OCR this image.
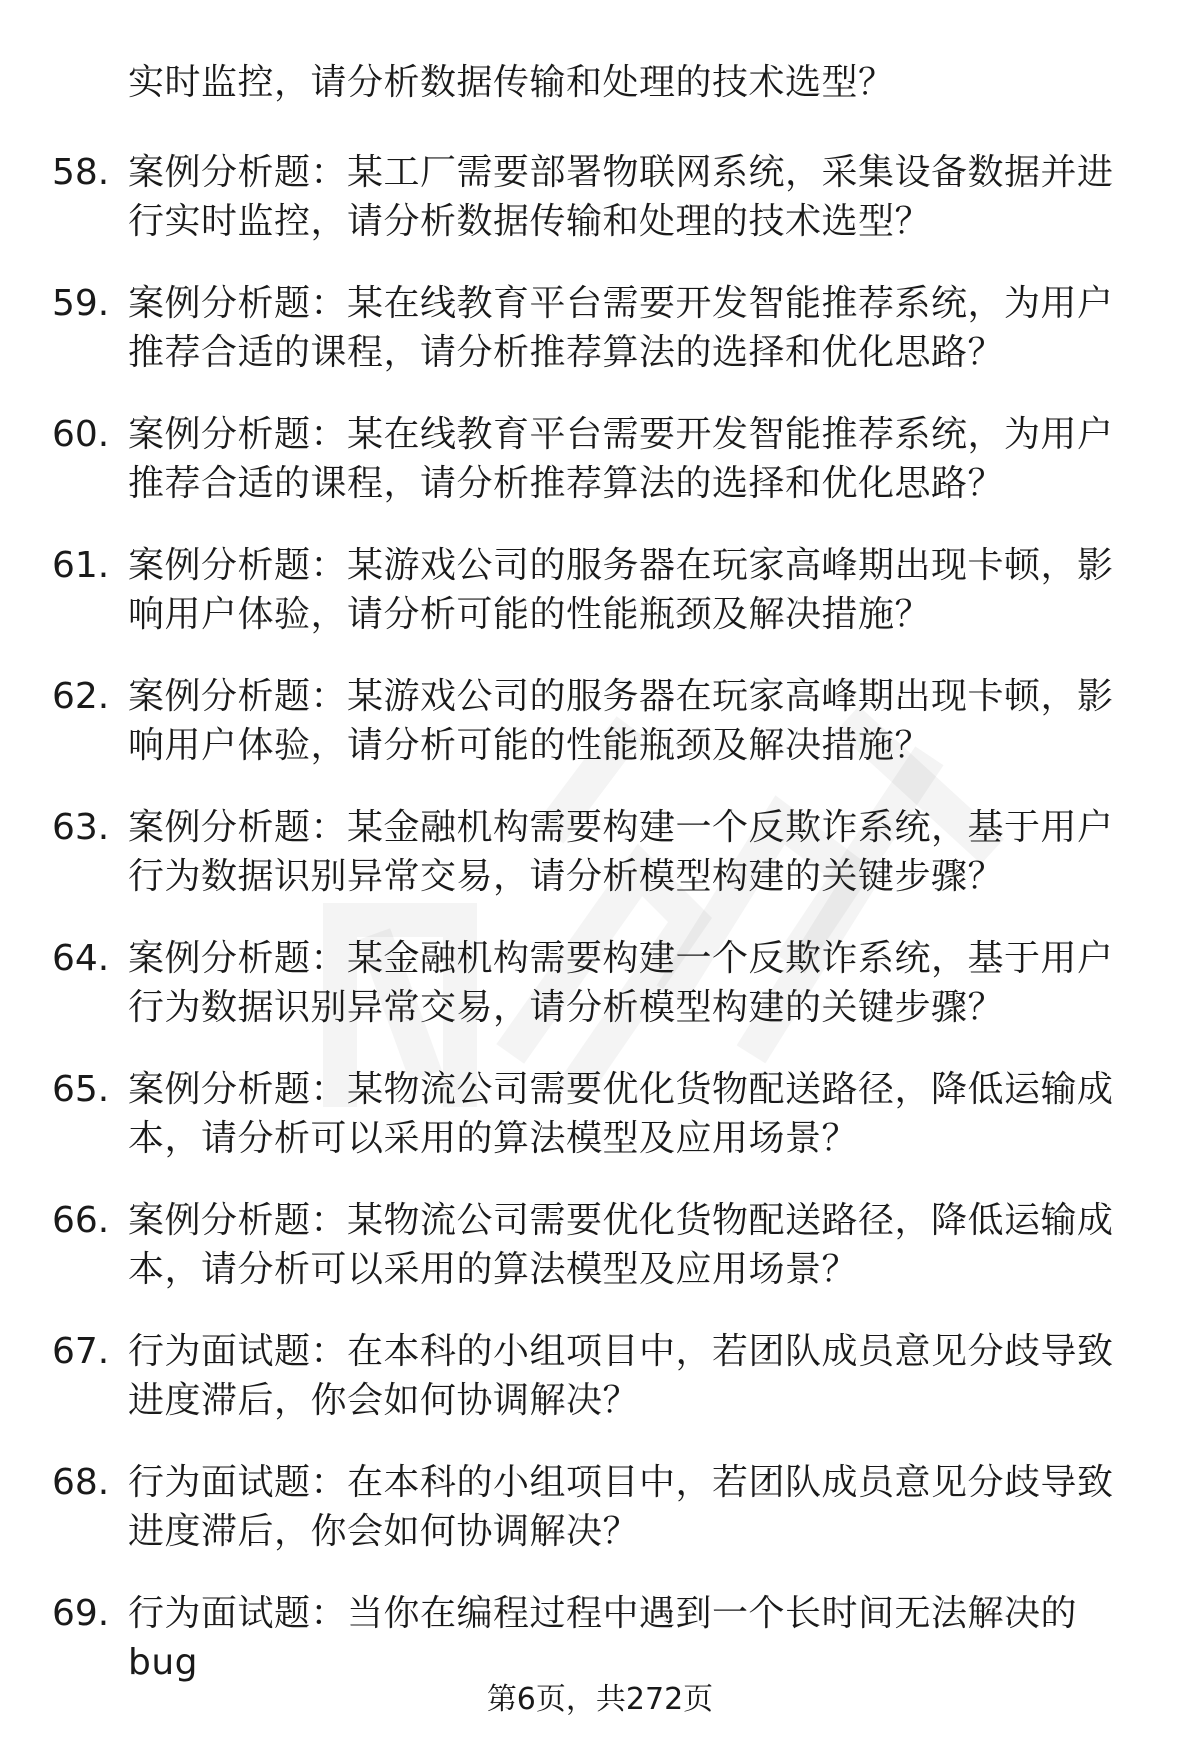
实时监控，请分析数据传输和处理的技术选型？
58. 案例分析题：某工厂需要部署物联网系统，采集设备数据并进行实时监控，请分析数据传输和处理的技术选型？
59. 案例分析题：某在线教育平台需要开发智能推荐系统，为用户推荐合适的课程，请分析推荐算法的选择和优化思路？
60. 案例分析题：某在线教育平台需要开发智能推荐系统，为用户推荐合适的课程，请分析推荐算法的选择和优化思路？
61. 案例分析题：某游戏公司的服务器在玩家高峰期出现卡顿，影响用户体验，请分析可能的性能瓶颈及解决措施？
62. 案例分析题：某游戏公司的服务器在玩家高峰期出现卡顿，影响用户体验，请分析可能的性能瓶颈及解决措施？
63. 案例分析题：某金融机构需要构建一个反欺诈系统，基于用户行为数据识别异常交易，请分析模型构建的关键步骤？
64. 案例分析题：某金融机构需要构建一个反欺诈系统，基于用户行为数据识别异常交易，请分析模型构建的关键步骤？
65. 案例分析题：某物流公司需要优化货物配送路径，降低运输成本，请分析可以采用的算法模型及应用场景？
66. 案例分析题：某物流公司需要优化货物配送路径，降低运输成本，请分析可以采用的算法模型及应用场景？
67. 行为面试题：在本科的小组项目中，若团队成员意见分歧导致进度滞后，你会如何协调解决？
68. 行为面试题：在本科的小组项目中，若团队成员意见分歧导致进度滞后，你会如何协调解决？
69. 行为面试题：当你在编程过程中遇到一个长时间无法解决的bug
第6页，共272页
